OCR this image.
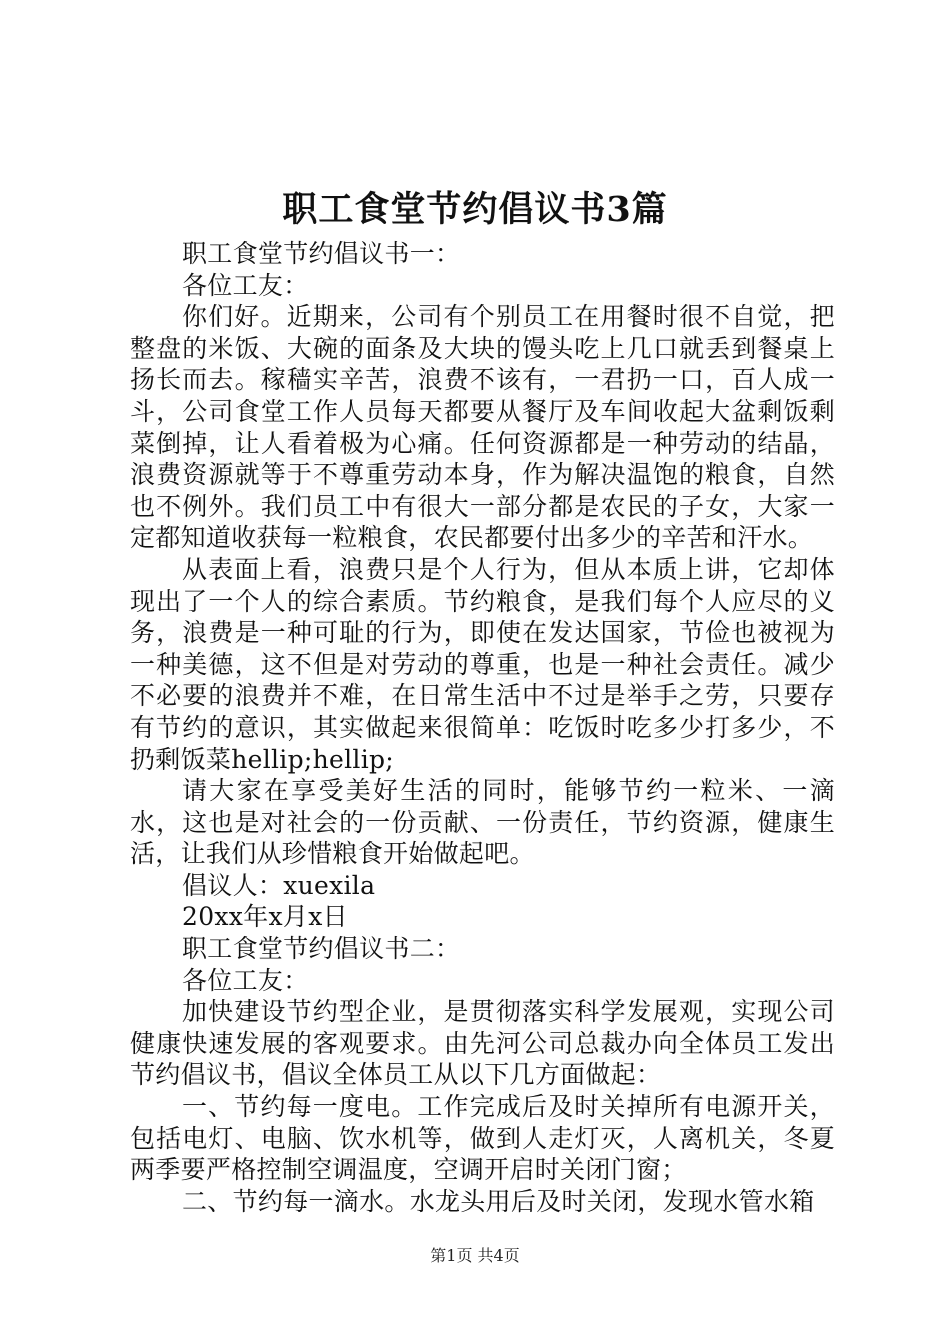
职工食堂节约倡议书3篇

职工食堂节约倡议书一：

各位工友：

你们好。近期来，公司有个别员工在用餐时很不自觉，把整盘的米饭、大碗的面条及大块的馒头吃上几口就丢到餐桌上扬长而去。稼穑实辛苦，浪费不该有，一君扔一口，百人成一斗，公司食堂工作人员每天都要从餐厅及车间收起大盆剩饭剩菜倒掉，让人看着极为心痛。任何资源都是一种劳动的结晶，浪费资源就等于不尊重劳动本身，作为解决温饱的粮食，自然也不例外。我们员工中有很大一部分都是农民的子女，大家一定都知道收获每一粒粮食，农民都要付出多少的辛苦和汗水。

从表面上看，浪费只是个人行为，但从本质上讲，它却体现出了一个人的综合素质。节约粮食，是我们每个人应尽的义务，浪费是一种可耻的行为，即使在发达国家，节俭也被视为一种美德，这不但是对劳动的尊重，也是一种社会责任。减少不必要的浪费并不难，在日常生活中不过是举手之劳，只要存有节约的意识，其实做起来很简单：吃饭时吃多少打多少，不扔剩饭菜hellip;hellip;

请大家在享受美好生活的同时，能够节约一粒米、一滴水，这也是对社会的一份贡献、一份责任，节约资源，健康生活，让我们从珍惜粮食开始做起吧。

倡议人：xuexila

20xx年x月x日

职工食堂节约倡议书二：

各位工友：

加快建设节约型企业，是贯彻落实科学发展观，实现公司健康快速发展的客观要求。由先河公司总裁办向全体员工发出节约倡议书，倡议全体员工从以下几方面做起：

一、节约每一度电。工作完成后及时关掉所有电源开关，包括电灯、电脑、饮水机等，做到人走灯灭，人离机关，冬夏两季要严格控制空调温度，空调开启时关闭门窗；

二、节约每一滴水。水龙头用后及时关闭，发现水管水箱

第1页 共4页
